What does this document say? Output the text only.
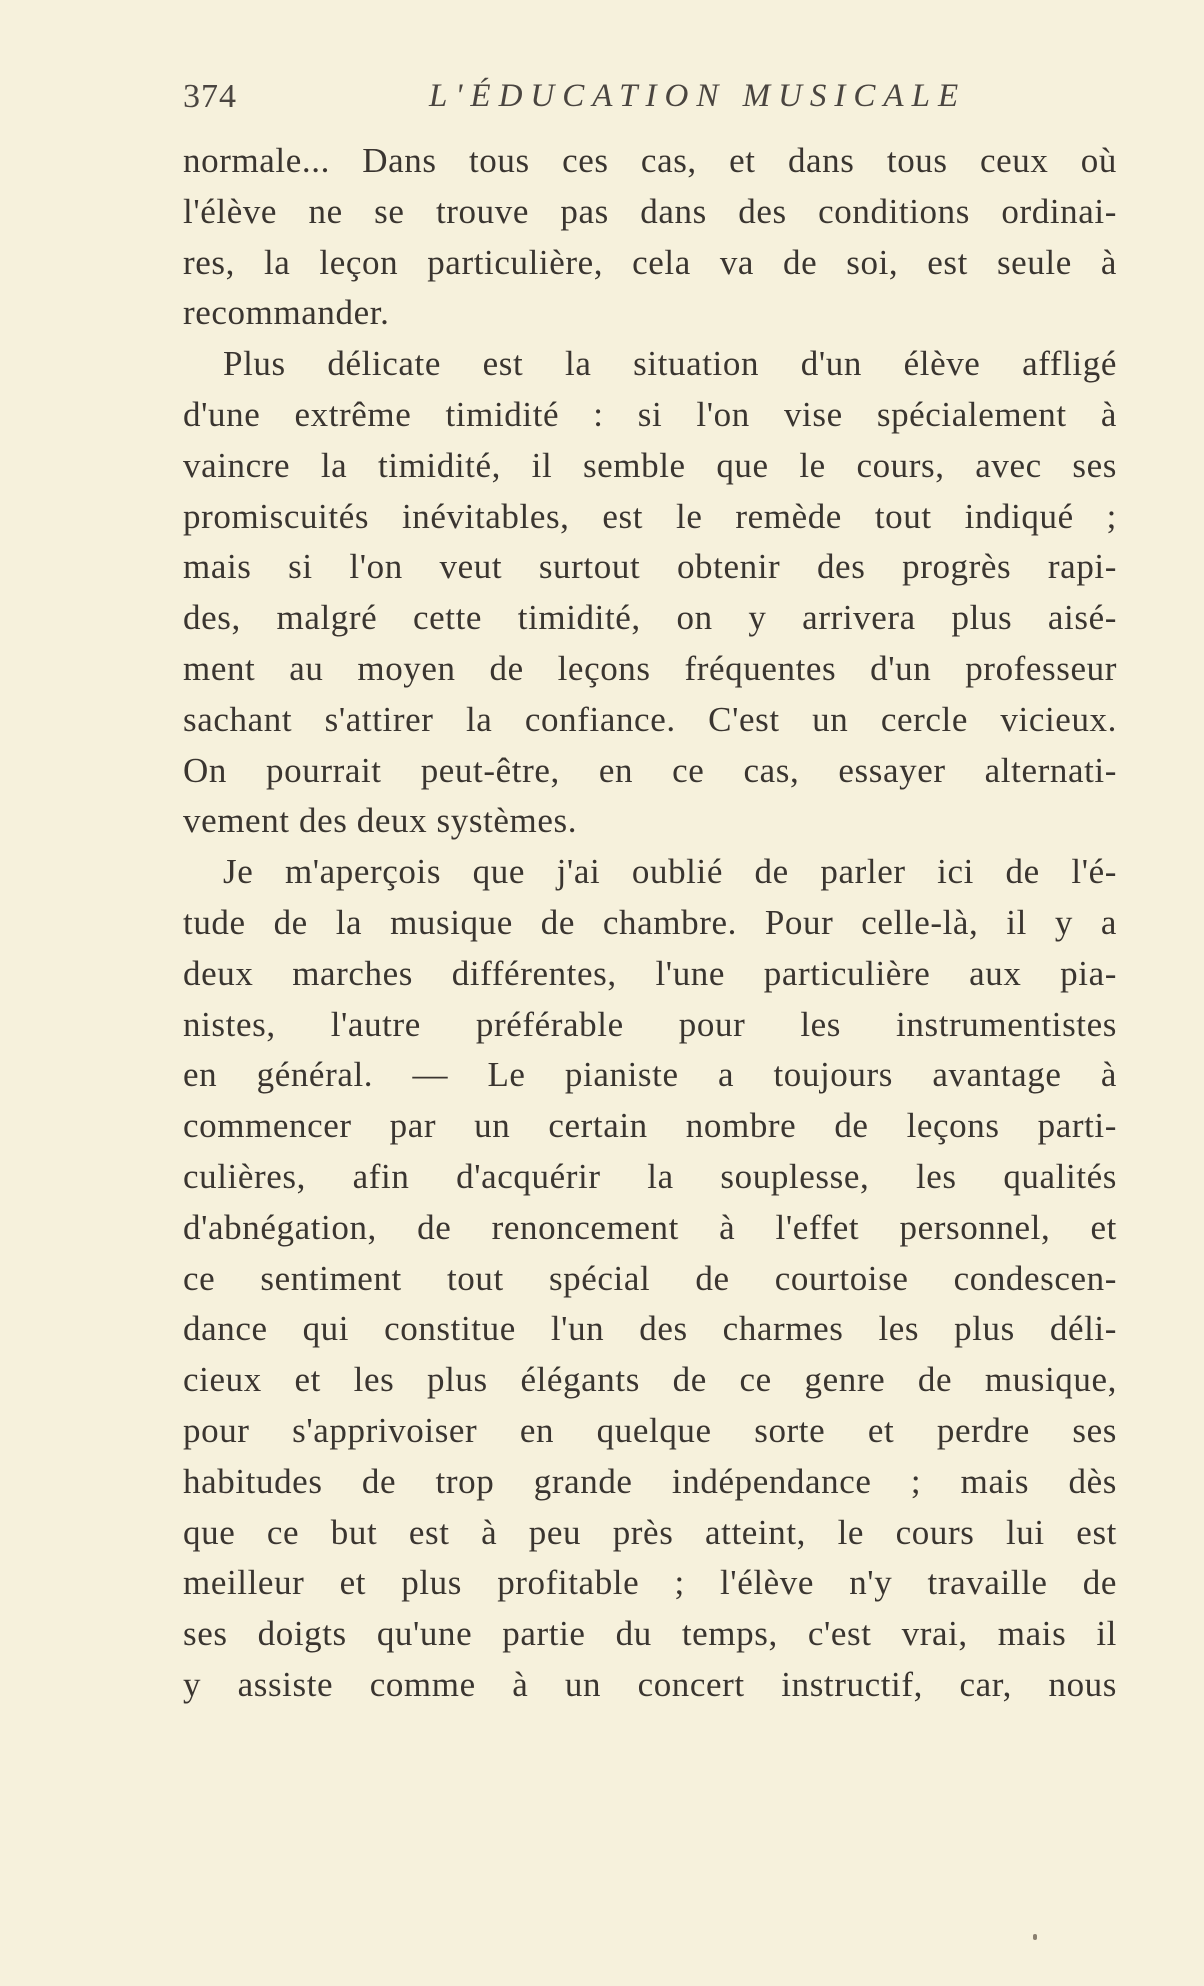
374	L'ÉDUCATION MUSICALE
normale... Dans tous ces cas, et dans tous ceux où
l'élève ne se trouve pas dans des conditions ordinai-
res, la leçon particulière, cela va de soi, est seule à
recommander.
Plus délicate est la situation d'un élève affligé
d'une extrême timidité : si l'on vise spécialement à
vaincre la timidité, il semble que le cours, avec ses
promiscuités inévitables, est le remède tout indiqué ;
mais si l'on veut surtout obtenir des progrès rapi-
des, malgré cette timidité, on y arrivera plus aisé-
ment au moyen de leçons fréquentes d'un professeur
sachant s'attirer la confiance. C'est un cercle vicieux.
On pourrait peut-être, en ce cas, essayer alternati-
vement des deux systèmes.
Je m'aperçois que j'ai oublié de parler ici de l'é-
tude de la musique de chambre. Pour celle-là, il y a
deux marches différentes, l'une particulière aux pia-
nistes, l'autre préférable pour les instrumentistes
en général. — Le pianiste a toujours avantage à
commencer par un certain nombre de leçons parti-
culières, afin d'acquérir la souplesse, les qualités
d'abnégation, de renoncement à l'effet personnel, et
ce sentiment tout spécial de courtoise condescen-
dance qui constitue l'un des charmes les plus déli-
cieux et les plus élégants de ce genre de musique,
pour s'apprivoiser en quelque sorte et perdre ses
habitudes de trop grande indépendance ; mais dès
que ce but est à peu près atteint, le cours lui est
meilleur et plus profitable ; l'élève n'y travaille de
ses doigts qu'une partie du temps, c'est vrai, mais il
y assiste comme à un concert instructif, car, nous
